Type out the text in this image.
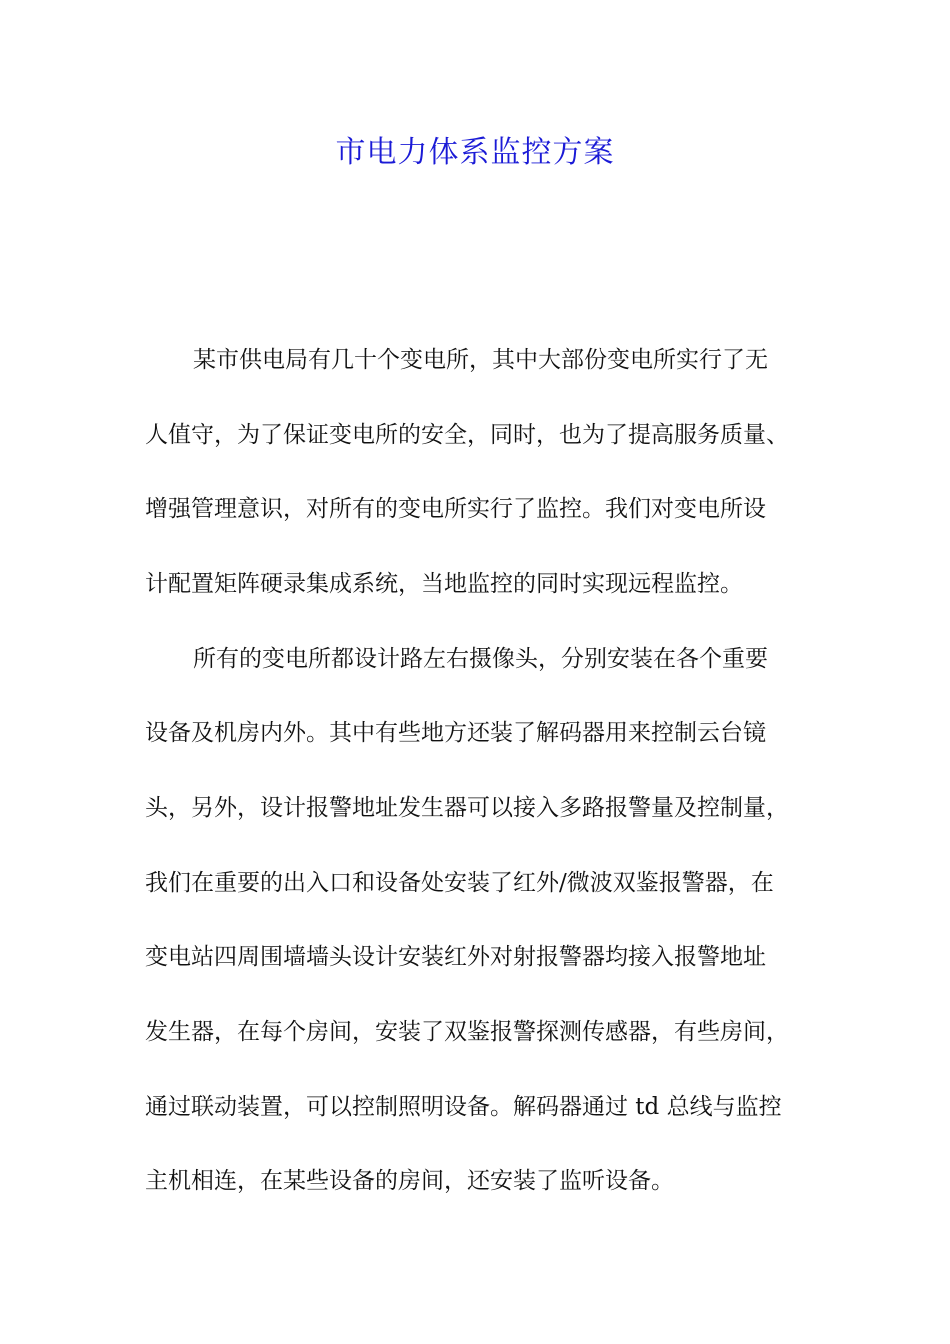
市电力体系监控方案
某市供电局有几十个变电所，其中大部份变电所实行了无
人值守，为了保证变电所的安全，同时，也为了提高服务质量、
增强管理意识，对所有的变电所实行了监控。我们对变电所设
计配置矩阵硬录集成系统，当地监控的同时实现远程监控。
所有的变电所都设计路左右摄像头，分别安装在各个重要
设备及机房内外。其中有些地方还装了解码器用来控制云台镜
头，另外，设计报警地址发生器可以接入多路报警量及控制量，
我们在重要的出入口和设备处安装了红外/微波双鉴报警器，在
变电站四周围墙墙头设计安装红外对射报警器均接入报警地址
发生器，在每个房间，安装了双鉴报警探测传感器，有些房间，
通过联动装置，可以控制照明设备。解码器通过 td 总线与监控
主机相连，在某些设备的房间，还安装了监听设备。
